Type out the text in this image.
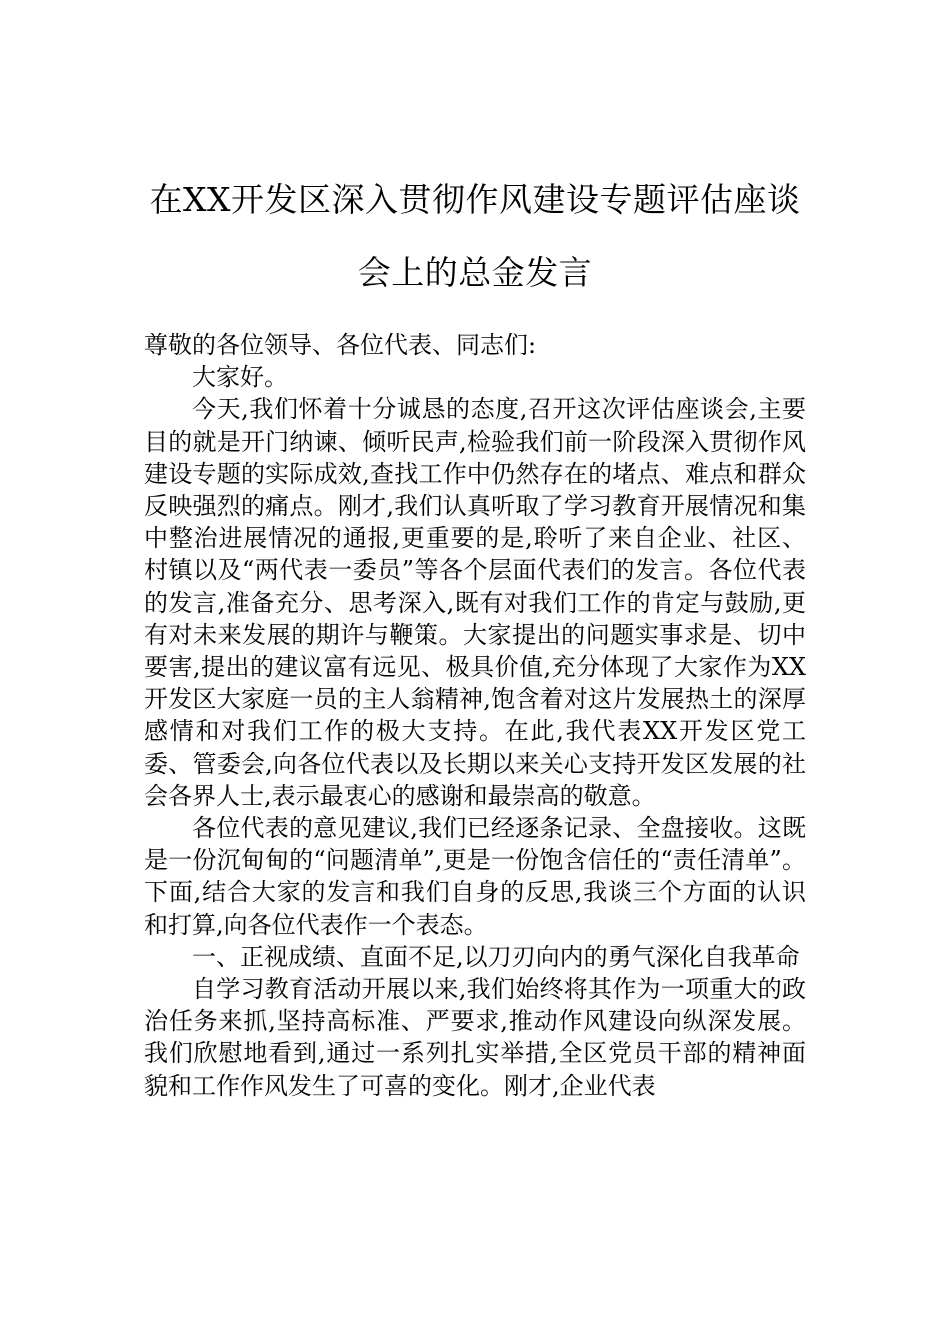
在XX开发区深入贯彻作风建设专题评估座谈会上的总金发言

尊敬的各位领导、各位代表、同志们:

大家好。

今天,我们怀着十分诚恳的态度,召开这次评估座谈会,主要目的就是开门纳谏、倾听民声,检验我们前一阶段深入贯彻作风建设专题的实际成效,查找工作中仍然存在的堵点、难点和群众反映强烈的痛点。刚才,我们认真听取了学习教育开展情况和集中整治进展情况的通报,更重要的是,聆听了来自企业、社区、村镇以及“两代表一委员”等各个层面代表们的发言。各位代表的发言,准备充分、思考深入,既有对我们工作的肯定与鼓励,更有对未来发展的期许与鞭策。大家提出的问题实事求是、切中要害,提出的建议富有远见、极具价值,充分体现了大家作为XX开发区大家庭一员的主人翁精神,饱含着对这片发展热土的深厚感情和对我们工作的极大支持。在此,我代表XX开发区党工委、管委会,向各位代表以及长期以来关心支持开发区发展的社会各界人士,表示最衷心的感谢和最崇高的敬意。

各位代表的意见建议,我们已经逐条记录、全盘接收。这既是一份沉甸甸的“问题清单”,更是一份饱含信任的“责任清单”。下面,结合大家的发言和我们自身的反思,我谈三个方面的认识和打算,向各位代表作一个表态。

一、正视成绩、直面不足,以刀刃向内的勇气深化自我革命

自学习教育活动开展以来,我们始终将其作为一项重大的政治任务来抓,坚持高标准、严要求,推动作风建设向纵深发展。我们欣慰地看到,通过一系列扎实举措,全区党员干部的精神面貌和工作作风发生了可喜的变化。刚才,企业代表
